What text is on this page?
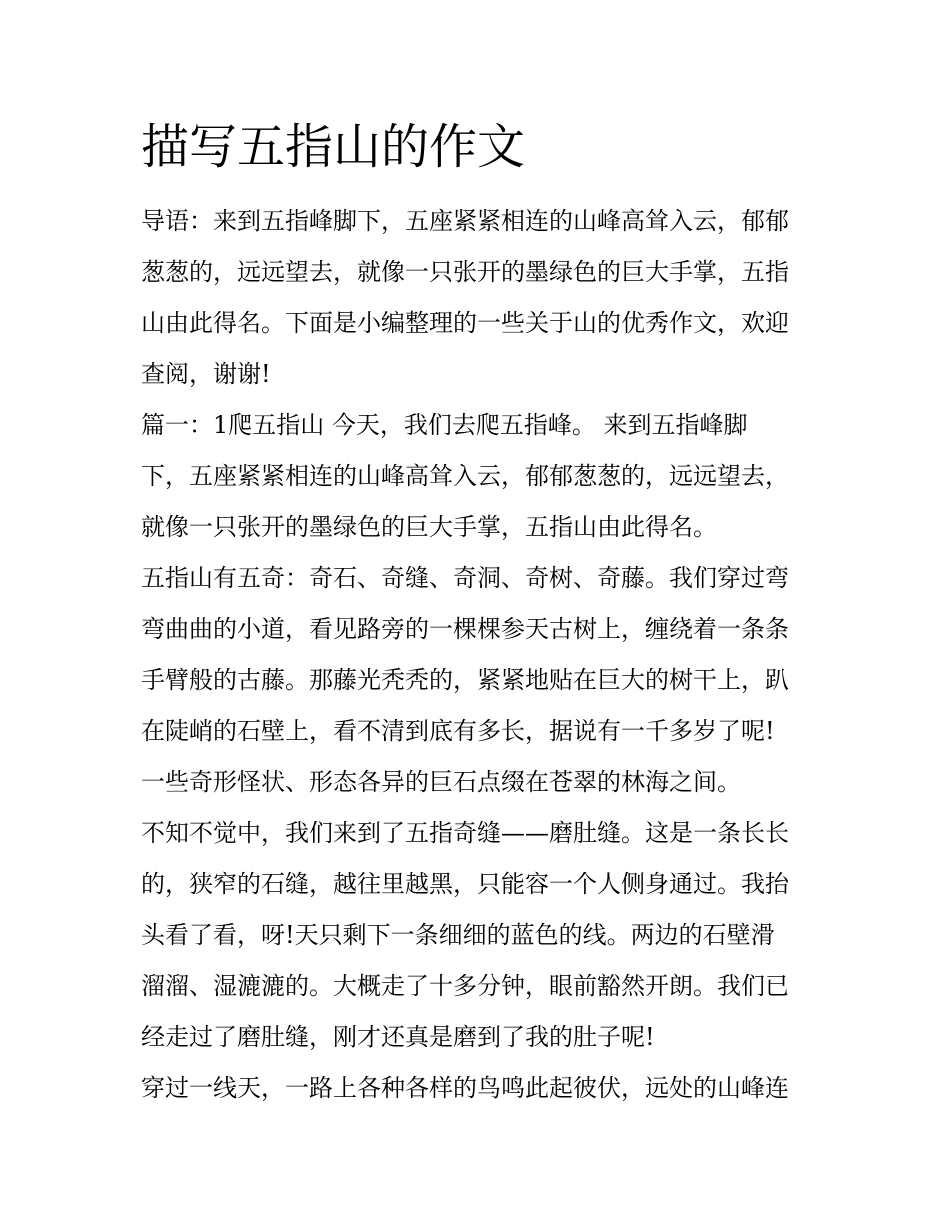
描写五指山的作文
导语：来到五指峰脚下，五座紧紧相连的山峰高耸入云，郁郁
葱葱的，远远望去，就像一只张开的墨绿色的巨大手掌，五指
山由此得名。下面是小编整理的一些关于山的优秀作文，欢迎
查阅，谢谢!
篇一：1爬五指山 今天，我们去爬五指峰。 来到五指峰脚
下，五座紧紧相连的山峰高耸入云，郁郁葱葱的，远远望去，
就像一只张开的墨绿色的巨大手掌，五指山由此得名。
五指山有五奇：奇石、奇缝、奇洞、奇树、奇藤。我们穿过弯
弯曲曲的小道，看见路旁的一棵棵参天古树上，缠绕着一条条
手臂般的古藤。那藤光秃秃的，紧紧地贴在巨大的树干上，趴
在陡峭的石壁上，看不清到底有多长，据说有一千多岁了呢!
一些奇形怪状、形态各异的巨石点缀在苍翠的林海之间。
不知不觉中，我们来到了五指奇缝——磨肚缝。这是一条长长
的，狭窄的石缝，越往里越黑，只能容一个人侧身通过。我抬
头看了看，呀!天只剩下一条细细的蓝色的线。两边的石壁滑
溜溜、湿漉漉的。大概走了十多分钟，眼前豁然开朗。我们已
经走过了磨肚缝，刚才还真是磨到了我的肚子呢!
穿过一线天，一路上各种各样的鸟鸣此起彼伏，远处的山峰连
